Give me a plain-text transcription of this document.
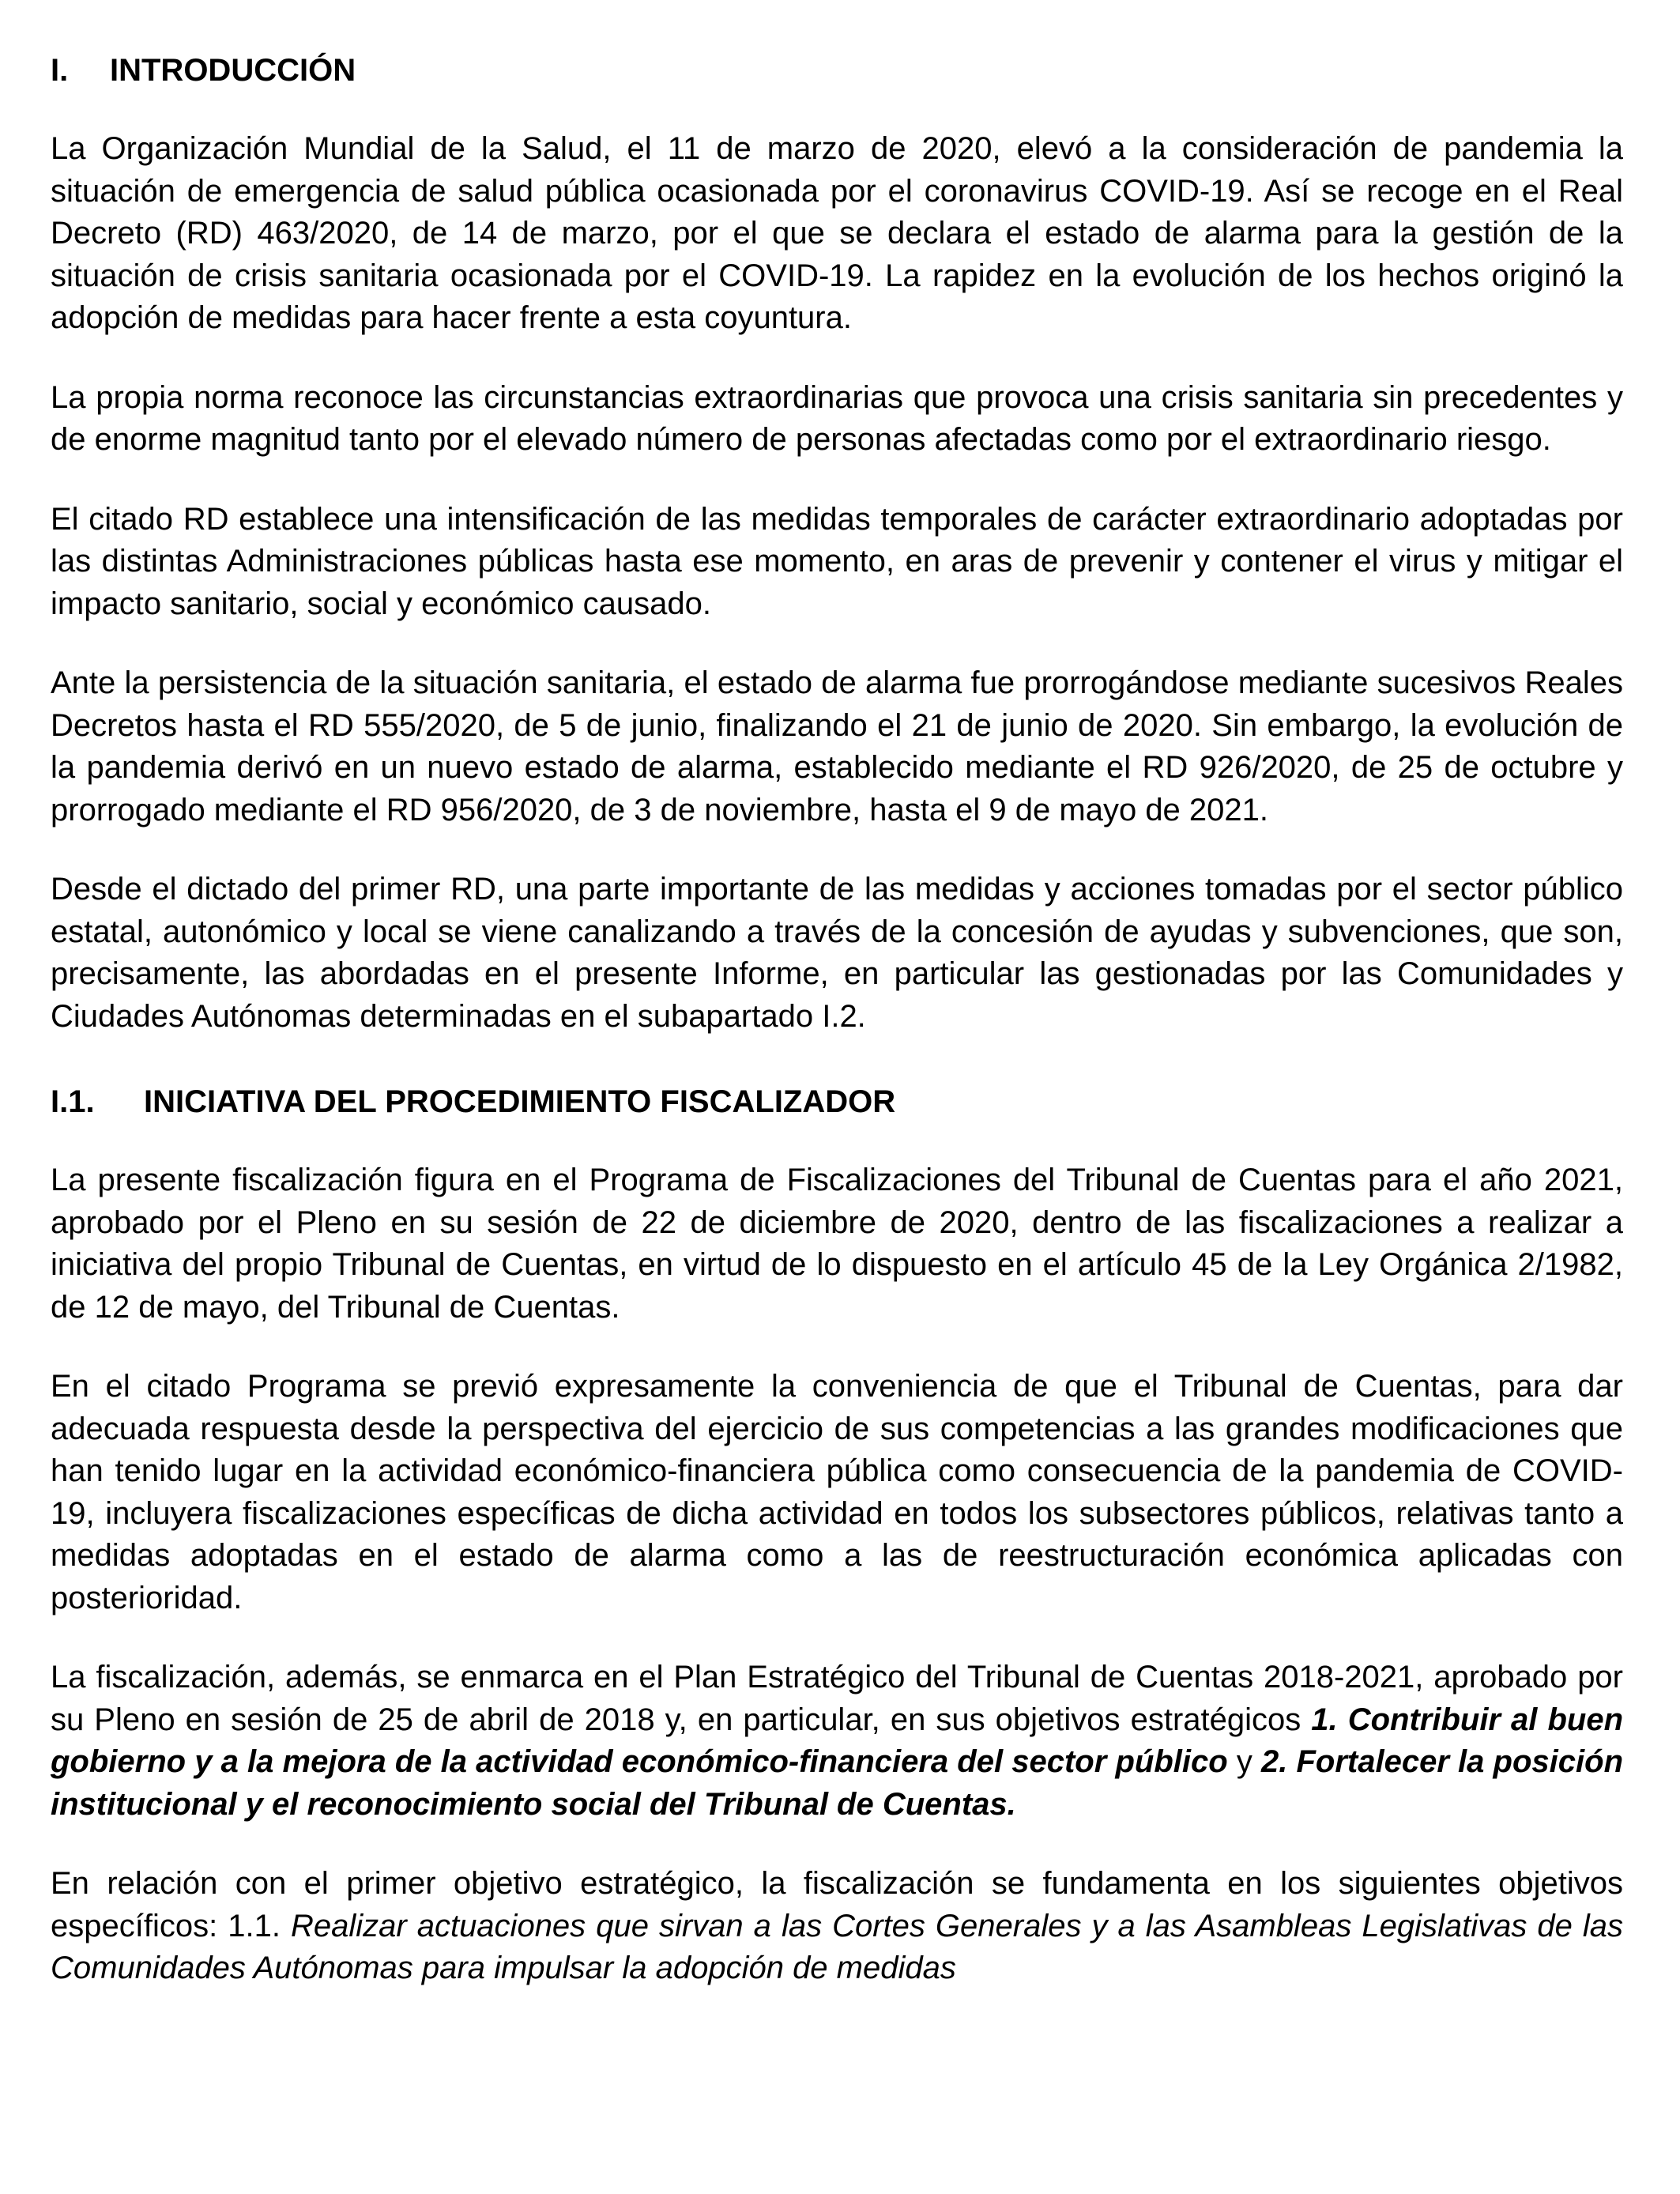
I. INTRODUCCIÓN

La Organización Mundial de la Salud, el 11 de marzo de 2020, elevó a la consideración de pandemia la situación de emergencia de salud pública ocasionada por el coronavirus COVID-19. Así se recoge en el Real Decreto (RD) 463/2020, de 14 de marzo, por el que se declara el estado de alarma para la gestión de la situación de crisis sanitaria ocasionada por el COVID-19. La rapidez en la evolución de los hechos originó la adopción de medidas para hacer frente a esta coyuntura.

La propia norma reconoce las circunstancias extraordinarias que provoca una crisis sanitaria sin precedentes y de enorme magnitud tanto por el elevado número de personas afectadas como por el extraordinario riesgo.

El citado RD establece una intensificación de las medidas temporales de carácter extraordinario adoptadas por las distintas Administraciones públicas hasta ese momento, en aras de prevenir y contener el virus y mitigar el impacto sanitario, social y económico causado.

Ante la persistencia de la situación sanitaria, el estado de alarma fue prorrogándose mediante sucesivos Reales Decretos hasta el RD 555/2020, de 5 de junio, finalizando el 21 de junio de 2020. Sin embargo, la evolución de la pandemia derivó en un nuevo estado de alarma, establecido mediante el RD 926/2020, de 25 de octubre y prorrogado mediante el RD 956/2020, de 3 de noviembre, hasta el 9 de mayo de 2021.

Desde el dictado del primer RD, una parte importante de las medidas y acciones tomadas por el sector público estatal, autonómico y local se viene canalizando a través de la concesión de ayudas y subvenciones, que son, precisamente, las abordadas en el presente Informe, en particular las gestionadas por las Comunidades y Ciudades Autónomas determinadas en el subapartado I.2.

I.1. INICIATIVA DEL PROCEDIMIENTO FISCALIZADOR

La presente fiscalización figura en el Programa de Fiscalizaciones del Tribunal de Cuentas para el año 2021, aprobado por el Pleno en su sesión de 22 de diciembre de 2020, dentro de las fiscalizaciones a realizar a iniciativa del propio Tribunal de Cuentas, en virtud de lo dispuesto en el artículo 45 de la Ley Orgánica 2/1982, de 12 de mayo, del Tribunal de Cuentas.

En el citado Programa se previó expresamente la conveniencia de que el Tribunal de Cuentas, para dar adecuada respuesta desde la perspectiva del ejercicio de sus competencias a las grandes modificaciones que han tenido lugar en la actividad económico-financiera pública como consecuencia de la pandemia de COVID-19, incluyera fiscalizaciones específicas de dicha actividad en todos los subsectores públicos, relativas tanto a medidas adoptadas en el estado de alarma como a las de reestructuración económica aplicadas con posterioridad.

La fiscalización, además, se enmarca en el Plan Estratégico del Tribunal de Cuentas 2018-2021, aprobado por su Pleno en sesión de 25 de abril de 2018 y, en particular, en sus objetivos estratégicos 1. Contribuir al buen gobierno y a la mejora de la actividad económico-financiera del sector público y 2. Fortalecer la posición institucional y el reconocimiento social del Tribunal de Cuentas.

En relación con el primer objetivo estratégico, la fiscalización se fundamenta en los siguientes objetivos específicos: 1.1. Realizar actuaciones que sirvan a las Cortes Generales y a las Asambleas Legislativas de las Comunidades Autónomas para impulsar la adopción de medidas
